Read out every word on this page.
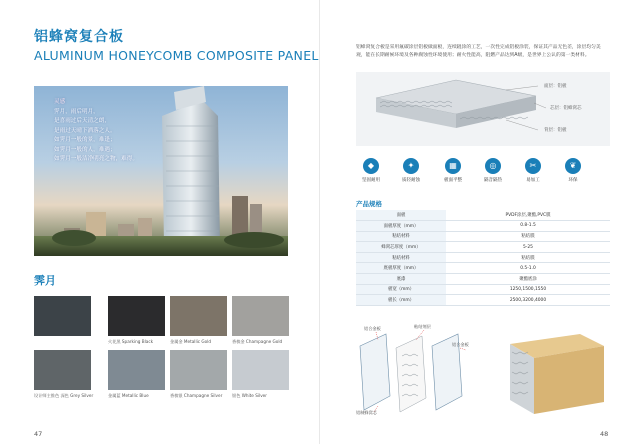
铝蜂窝复合板
ALUMINUM HONEYCOMB COMPOSITE PANEL
灵感
霁月，雨后明月，
是喜雨过后天清之朗，
是雨过天晴下洒落之人。
如霁月一般的景，难逢；
如霁月一般的人，难遇；
如霁月一般洁净明亮之物，难得。
霁月
火花黑 Sparking Black	金属金 Metallic Gold	香槟金 Champagne Gold
设计师主推色 深色 Grey Silver	金属蓝 Metallic Blue	香槟银 Champagne Silver	银色 White Silver
47
铝蜂窝复合板是采用氟碳涂层铝板做面板，连续辊涂的工艺，一次性完成铝板涂装，保证其产品无色差，涂层均匀美观，能在长期耐候环境及各种腐蚀性环境使用；耐火性能高，阻燃产品达到A级，是世界上公认的第一类材料。
面层：铝板
芯层：铝蜂窝芯
背层：铝板
◆
坚固耐用
✦
质轻耐蚀
▦
板面平整
◎
隔音隔热
✂
易加工
❦
环保
产品规格
面板	PVDF涂层,聚酯,PVC膜
面板厚度（mm）	0.8-1.5
粘结材料	粘结膜
蜂窝芯厚度（mm）	5-25
粘结材料	粘结膜
底板厚度（mm）	0.5-1.0
底漆	聚酯底涂
板宽（mm）	1250,1500,1550
板长（mm）	2500,3200,4000
铝合金板	粘结剂层
铝合金板
铝制蜂窝芯
48
